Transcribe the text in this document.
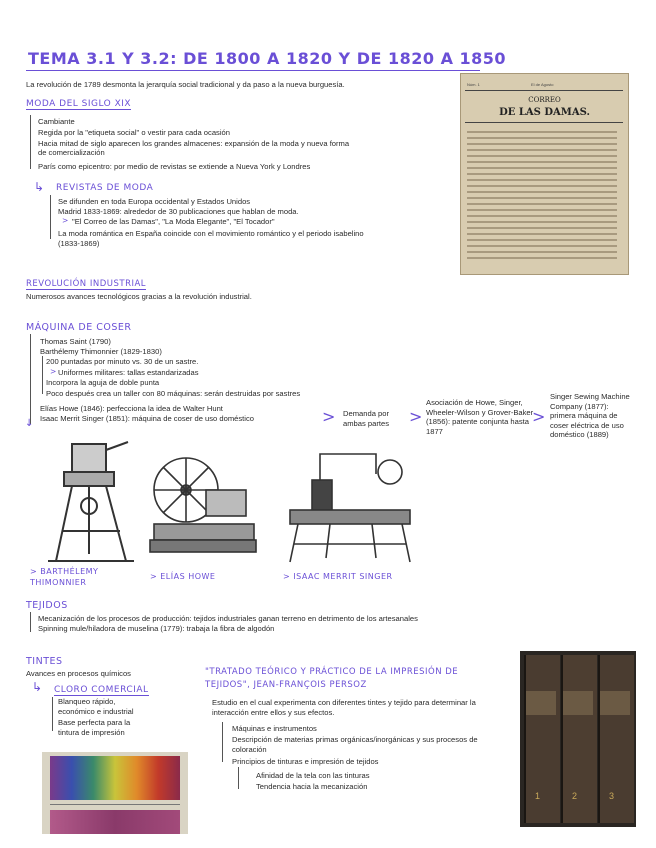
TEMA 3.1 Y 3.2: DE 1800 A 1820 Y DE 1820 A 1850
La revolución de 1789 desmonta la jerarquía social tradicional y da paso a la nueva burguesía.
MODA DEL SIGLO XIX
Cambiante
Regida por la "etiqueta social" o vestir para cada ocasión
Hacia mitad de siglo aparecen los grandes almacenes: expansión de la moda y nueva forma
de comercialización
París como epicentro: por medio de revistas se extiende a Nueva York y Londres
↳ REVISTAS DE MODA
Se difunden en toda Europa occidental y Estados Unidos
Madrid 1833-1869: alrededor de 30 publicaciones que hablan de moda.
> "El Correo de las Damas", "La Moda Elegante", "El Tocador"
La moda romántica en España coincide con el movimiento romántico y el periodo isabelino
(1833-1869)
Núm. 1	El de Agosto
CORREO
DE LAS DAMAS.
REVOLUCIÓN INDUSTRIAL
Numerosos avances tecnológicos gracias a la revolución industrial.
MÁQUINA DE COSER
↓
Thomas Saint (1790)
Barthélemy Thimonnier (1829-1830)
200 puntadas por minuto vs. 30 de un sastre.
> Uniformes militares: tallas estandarizadas
Incorpora la aguja de doble punta
Poco después crea un taller con 80 máquinas: serán destruidas por sastres
Elías Howe (1846): perfecciona la idea de Walter Hunt
Isaac Merrit Singer (1851): máquina de coser de uso doméstico	> Demanda por ambas partes	>
Asociación de Howe, Singer, Wheeler-Wilson y Grover-Baker (1856): patente conjunta hasta 1877
>
Singer Sewing Machine Company (1877): primera máquina de coser eléctrica de uso doméstico (1889)
> BARTHÉLEMY THIMONNIER
> ELÍAS HOWE	> ISAAC MERRIT SINGER
TEJIDOS
Mecanización de los procesos de producción: tejidos industriales ganan terreno en detrimento de los artesanales
Spinning mule/hiladora de muselina (1779): trabaja la fibra de algodón
TINTES
Avances en procesos químicos
↳ CLORO COMERCIAL
Blanqueo rápido, económico e industrial
Base perfecta para la tintura de impresión
"TRATADO TEÓRICO Y PRÁCTICO DE LA IMPRESIÓN DE TEJIDOS", JEAN-FRANÇOIS PERSOZ
Estudio en el cual experimenta con diferentes tintes y tejido para determinar la interacción entre ellos y sus efectos.
Máquinas e instrumentos
Descripción de materias primas orgánicas/inorgánicas y sus procesos de coloración
Principios de tinturas e impresión de tejidos
Afinidad de la tela con las tinturas
Tendencia hacia la mecanización
1	2	3
